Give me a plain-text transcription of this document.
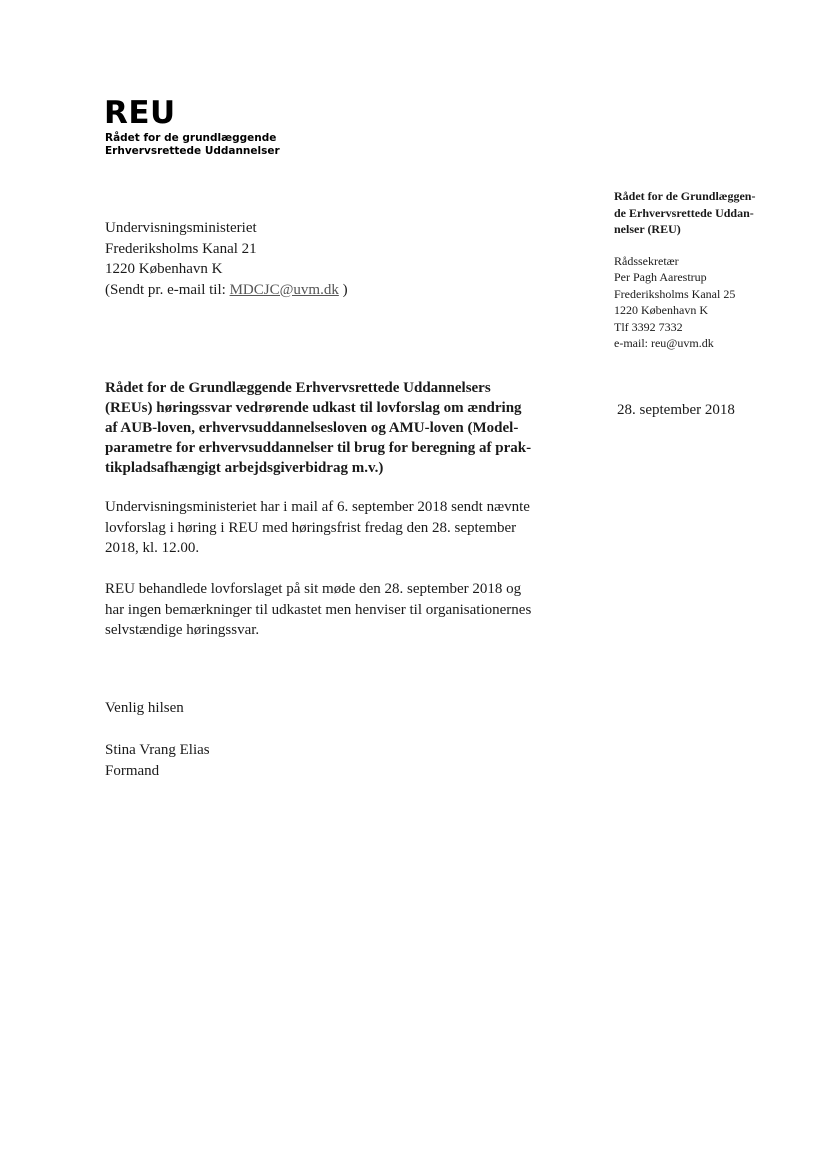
REU
Rådet for de grundlæggende
Erhvervsrettede Uddannelser
Undervisningsministeriet
Frederiksholms Kanal 21
1220 København K
(Sendt pr. e-mail til: MDCJC@uvm.dk )
Rådet for de Grundlæggen-
de Erhvervsrettede Uddan-
nelser (REU)
Rådssekretær
Per Pagh Aarestrup
Frederiksholms Kanal 25
1220 København K
Tlf 3392 7332
e-mail: reu@uvm.dk
28. september 2018
Rådet for de Grundlæggende Erhvervsrettede Uddannelsers
(REUs) høringssvar vedrørende udkast til lovforslag om ændring
af AUB-loven, erhvervsuddannelsesloven og AMU-loven (Model-
parametre for erhvervsuddannelser til brug for beregning af prak-
tikpladsafhængigt arbejdsgiverbidrag m.v.)
Undervisningsministeriet har i mail af 6. september 2018 sendt nævnte
lovforslag i høring i REU med høringsfrist fredag den 28. september
2018, kl. 12.00.
REU behandlede lovforslaget på sit møde den 28. september 2018 og
har ingen bemærkninger til udkastet men henviser til organisationernes
selvstændige høringssvar.
Venlig hilsen
Stina Vrang Elias
Formand
